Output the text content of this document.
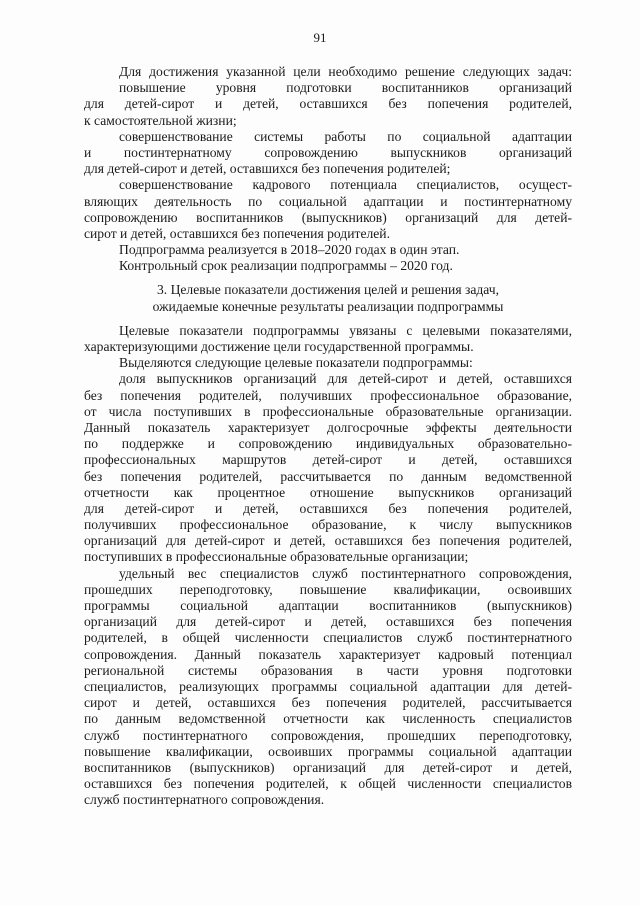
91
Для достижения указанной цели необходимо решение следующих задач:
повышение уровня подготовки воспитанников организаций
для детей-сирот и детей, оставшихся без попечения родителей,
к самостоятельной жизни;
совершенствование системы работы по социальной адаптации
и постинтернатному сопровождению выпускников организаций
для детей-сирот и детей, оставшихся без попечения родителей;
совершенствование кадрового потенциала специалистов, осущест-
вляющих деятельность по социальной адаптации и постинтернатному
сопровождению воспитанников (выпускников) организаций для детей-
сирот и детей, оставшихся без попечения родителей.
Подпрограмма реализуется в 2018–2020 годах в один этап.
Контрольный срок реализации подпрограммы – 2020 год.
3. Целевые показатели достижения целей и решения задач,
ожидаемые конечные результаты реализации подпрограммы
Целевые показатели подпрограммы увязаны с целевыми показателями,
характеризующими достижение цели государственной программы.
Выделяются следующие целевые показатели подпрограммы:
доля выпускников организаций для детей-сирот и детей, оставшихся
без попечения родителей, получивших профессиональное образование,
от числа поступивших в профессиональные образовательные организации.
Данный показатель характеризует долгосрочные эффекты деятельности
по поддержке и сопровождению индивидуальных образовательно-
профессиональных маршрутов детей-сирот и детей, оставшихся
без попечения родителей, рассчитывается по данным ведомственной
отчетности как процентное отношение выпускников организаций
для детей-сирот и детей, оставшихся без попечения родителей,
получивших профессиональное образование, к числу выпускников
организаций для детей-сирот и детей, оставшихся без попечения родителей,
поступивших в профессиональные образовательные организации;
удельный вес специалистов служб постинтернатного сопровождения,
прошедших переподготовку, повышение квалификации, освоивших
программы социальной адаптации воспитанников (выпускников)
организаций для детей-сирот и детей, оставшихся без попечения
родителей, в общей численности специалистов служб постинтернатного
сопровождения. Данный показатель характеризует кадровый потенциал
региональной системы образования в части уровня подготовки
специалистов, реализующих программы социальной адаптации для детей-
сирот и детей, оставшихся без попечения родителей, рассчитывается
по данным ведомственной отчетности как численность специалистов
служб постинтернатного сопровождения, прошедших переподготовку,
повышение квалификации, освоивших программы социальной адаптации
воспитанников (выпускников) организаций для детей-сирот и детей,
оставшихся без попечения родителей, к общей численности специалистов
служб постинтернатного сопровождения.
